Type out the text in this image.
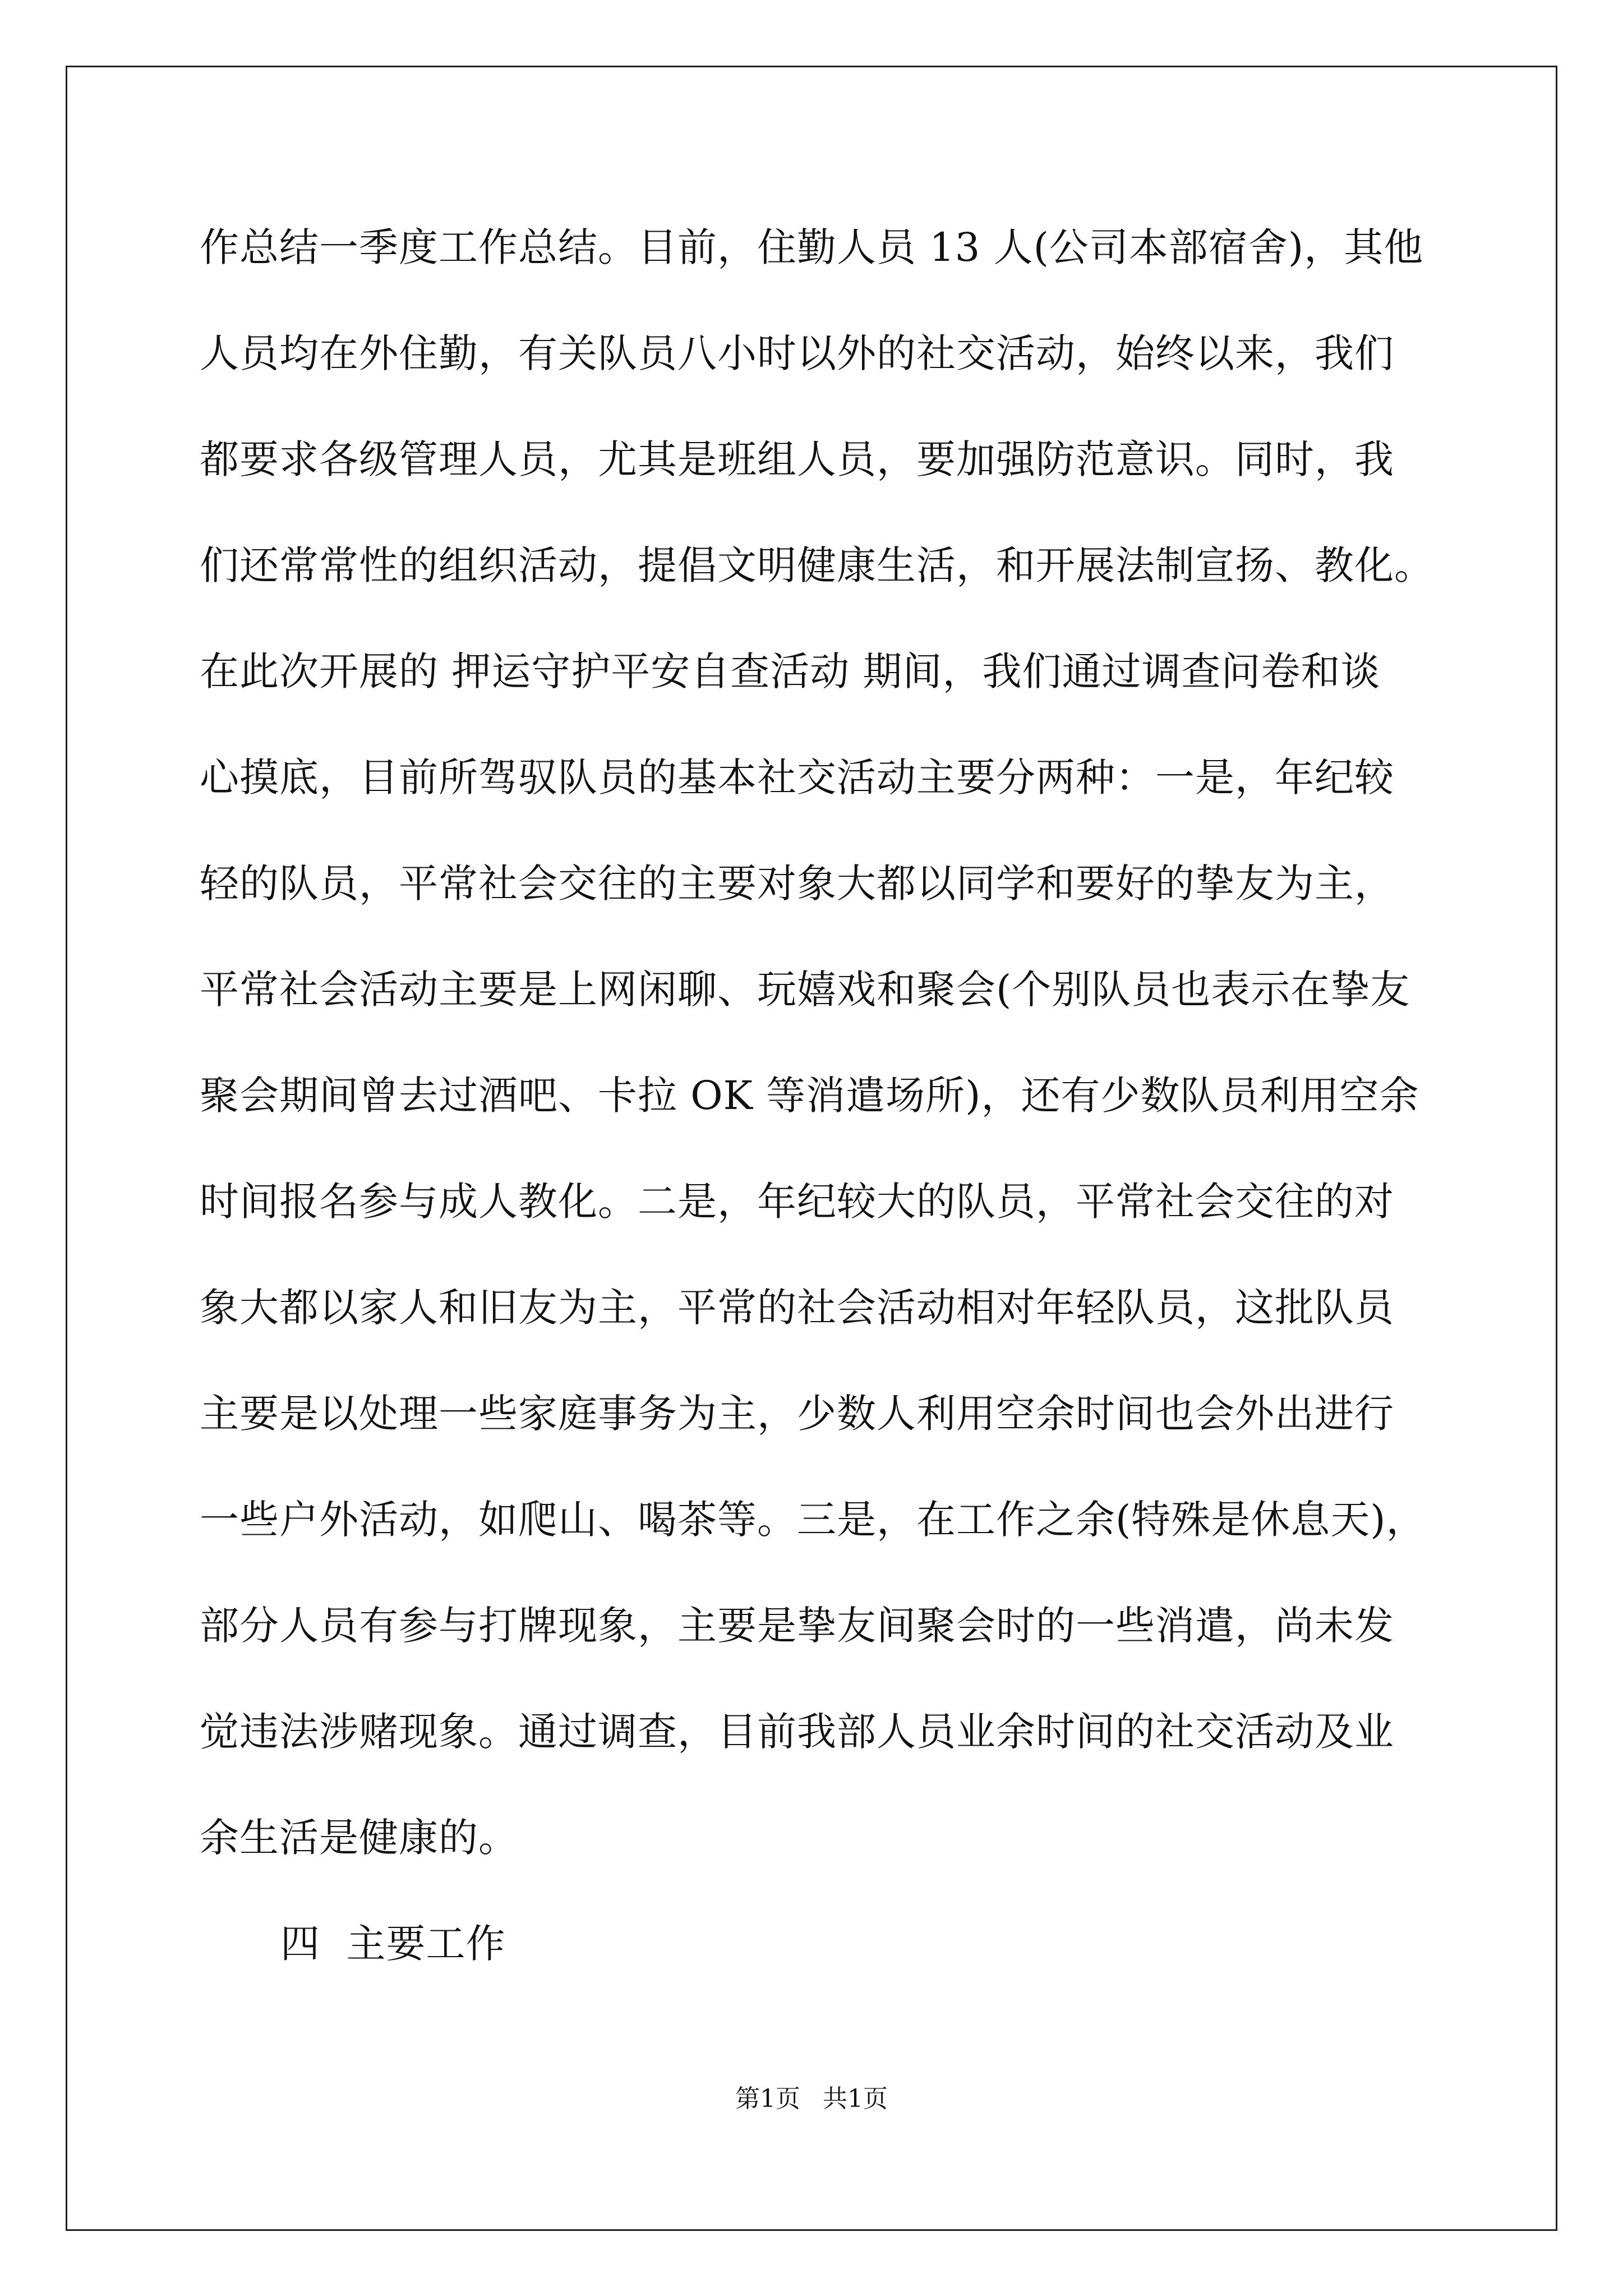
作总结一季度工作总结。目前，住勤人员 13 人(公司本部宿舍)，其他
人员均在外住勤，有关队员八小时以外的社交活动，始终以来，我们
都要求各级管理人员，尤其是班组人员，要加强防范意识。同时，我
们还常常性的组织活动，提倡文明健康生活，和开展法制宣扬、教化。
在此次开展的 押运守护平安自查活动 期间，我们通过调查问卷和谈
心摸底，目前所驾驭队员的基本社交活动主要分两种：一是，年纪较
轻的队员，平常社会交往的主要对象大都以同学和要好的挚友为主，
平常社会活动主要是上网闲聊、玩嬉戏和聚会(个别队员也表示在挚友
聚会期间曾去过酒吧、卡拉 OK 等消遣场所)，还有少数队员利用空余
时间报名参与成人教化。二是，年纪较大的队员，平常社会交往的对
象大都以家人和旧友为主，平常的社会活动相对年轻队员，这批队员
主要是以处理一些家庭事务为主，少数人利用空余时间也会外出进行
一些户外活动，如爬山、喝茶等。三是，在工作之余(特殊是休息天)，
部分人员有参与打牌现象，主要是挚友间聚会时的一些消遣，尚未发
觉违法涉赌现象。通过调查，目前我部人员业余时间的社交活动及业
余生活是健康的。
四  主要工作
第1页 共1页
